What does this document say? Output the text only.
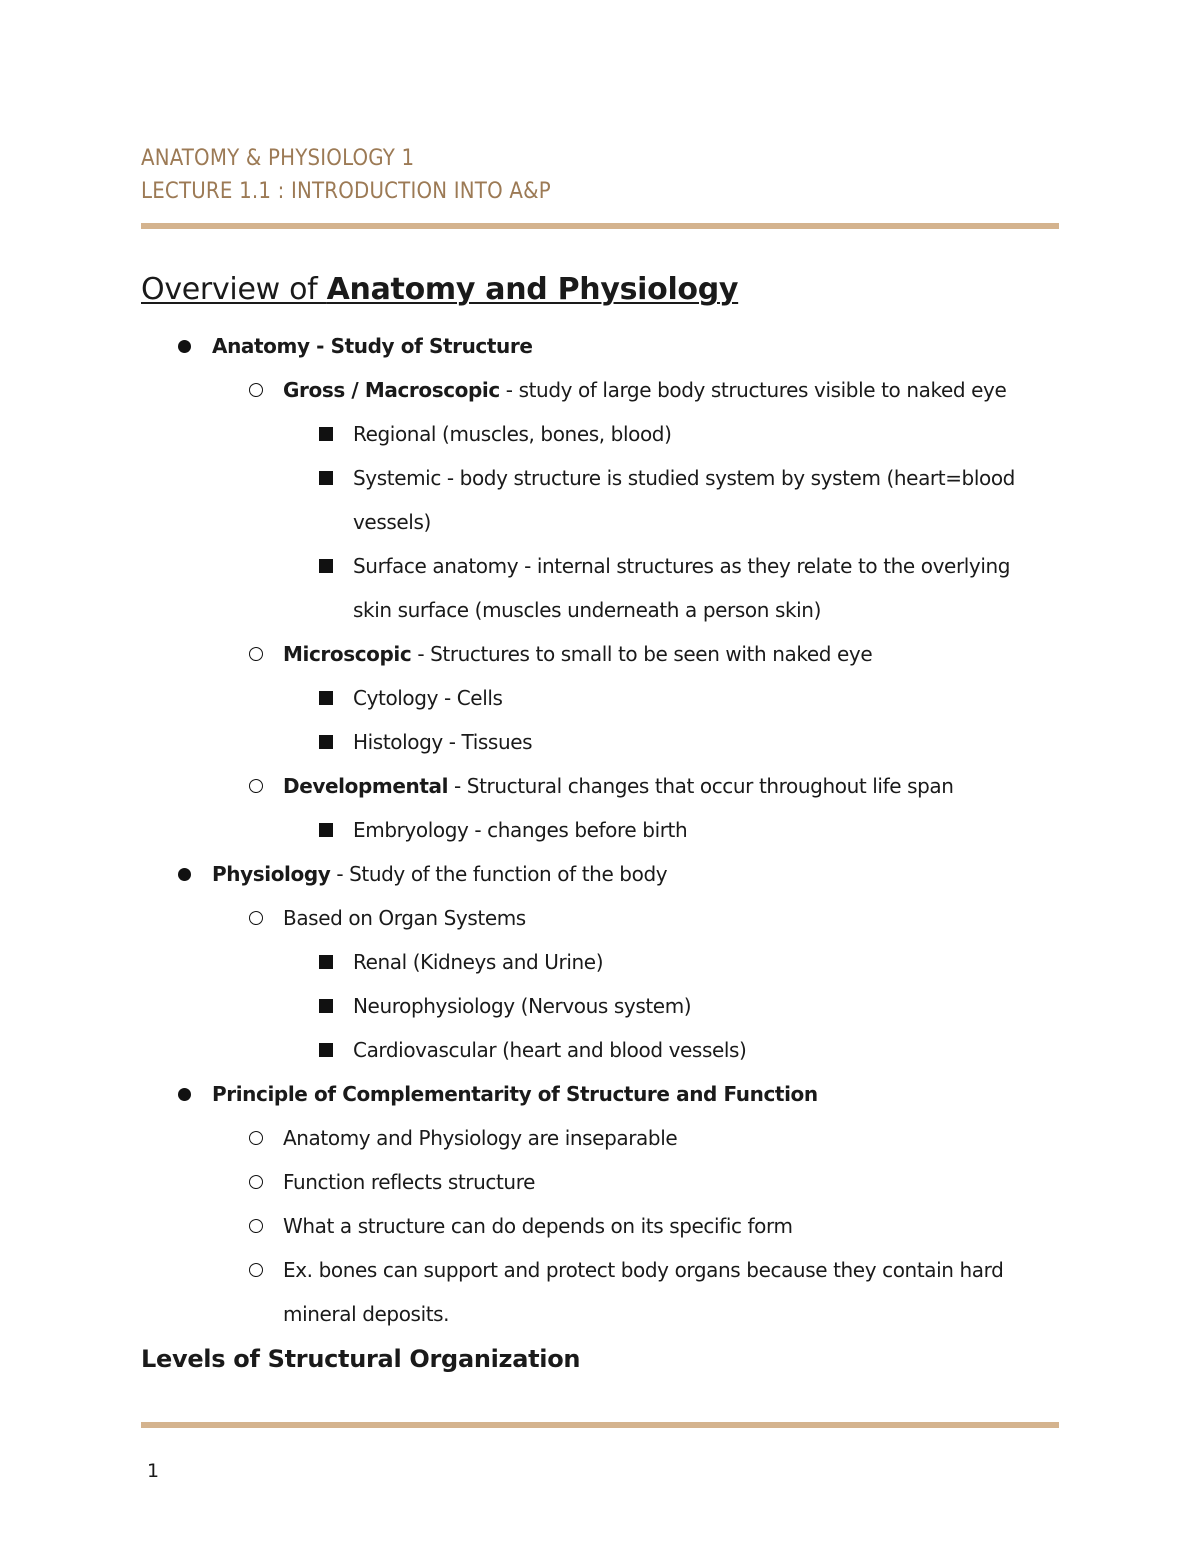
ANATOMY & PHYSIOLOGY 1
LECTURE 1.1 : INTRODUCTION INTO A&P
Overview of Anatomy and Physiology
Anatomy - Study of Structure
Gross / Macroscopic - study of large body structures visible to naked eye
Regional (muscles, bones, blood)
Systemic - body structure is studied system by system (heart=blood vessels)
Surface anatomy - internal structures as they relate to the overlying skin surface (muscles underneath a person skin)
Microscopic - Structures to small to be seen with naked eye
Cytology - Cells
Histology - Tissues
Developmental - Structural changes that occur throughout life span
Embryology - changes before birth
Physiology - Study of the function of the body
Based on Organ Systems
Renal (Kidneys and Urine)
Neurophysiology (Nervous system)
Cardiovascular (heart and blood vessels)
Principle of Complementarity of Structure and Function
Anatomy and Physiology are inseparable
Function reflects structure
What a structure can do depends on its specific form
Ex. bones can support and protect body organs because they contain hard mineral deposits.
Levels of Structural Organization
1
